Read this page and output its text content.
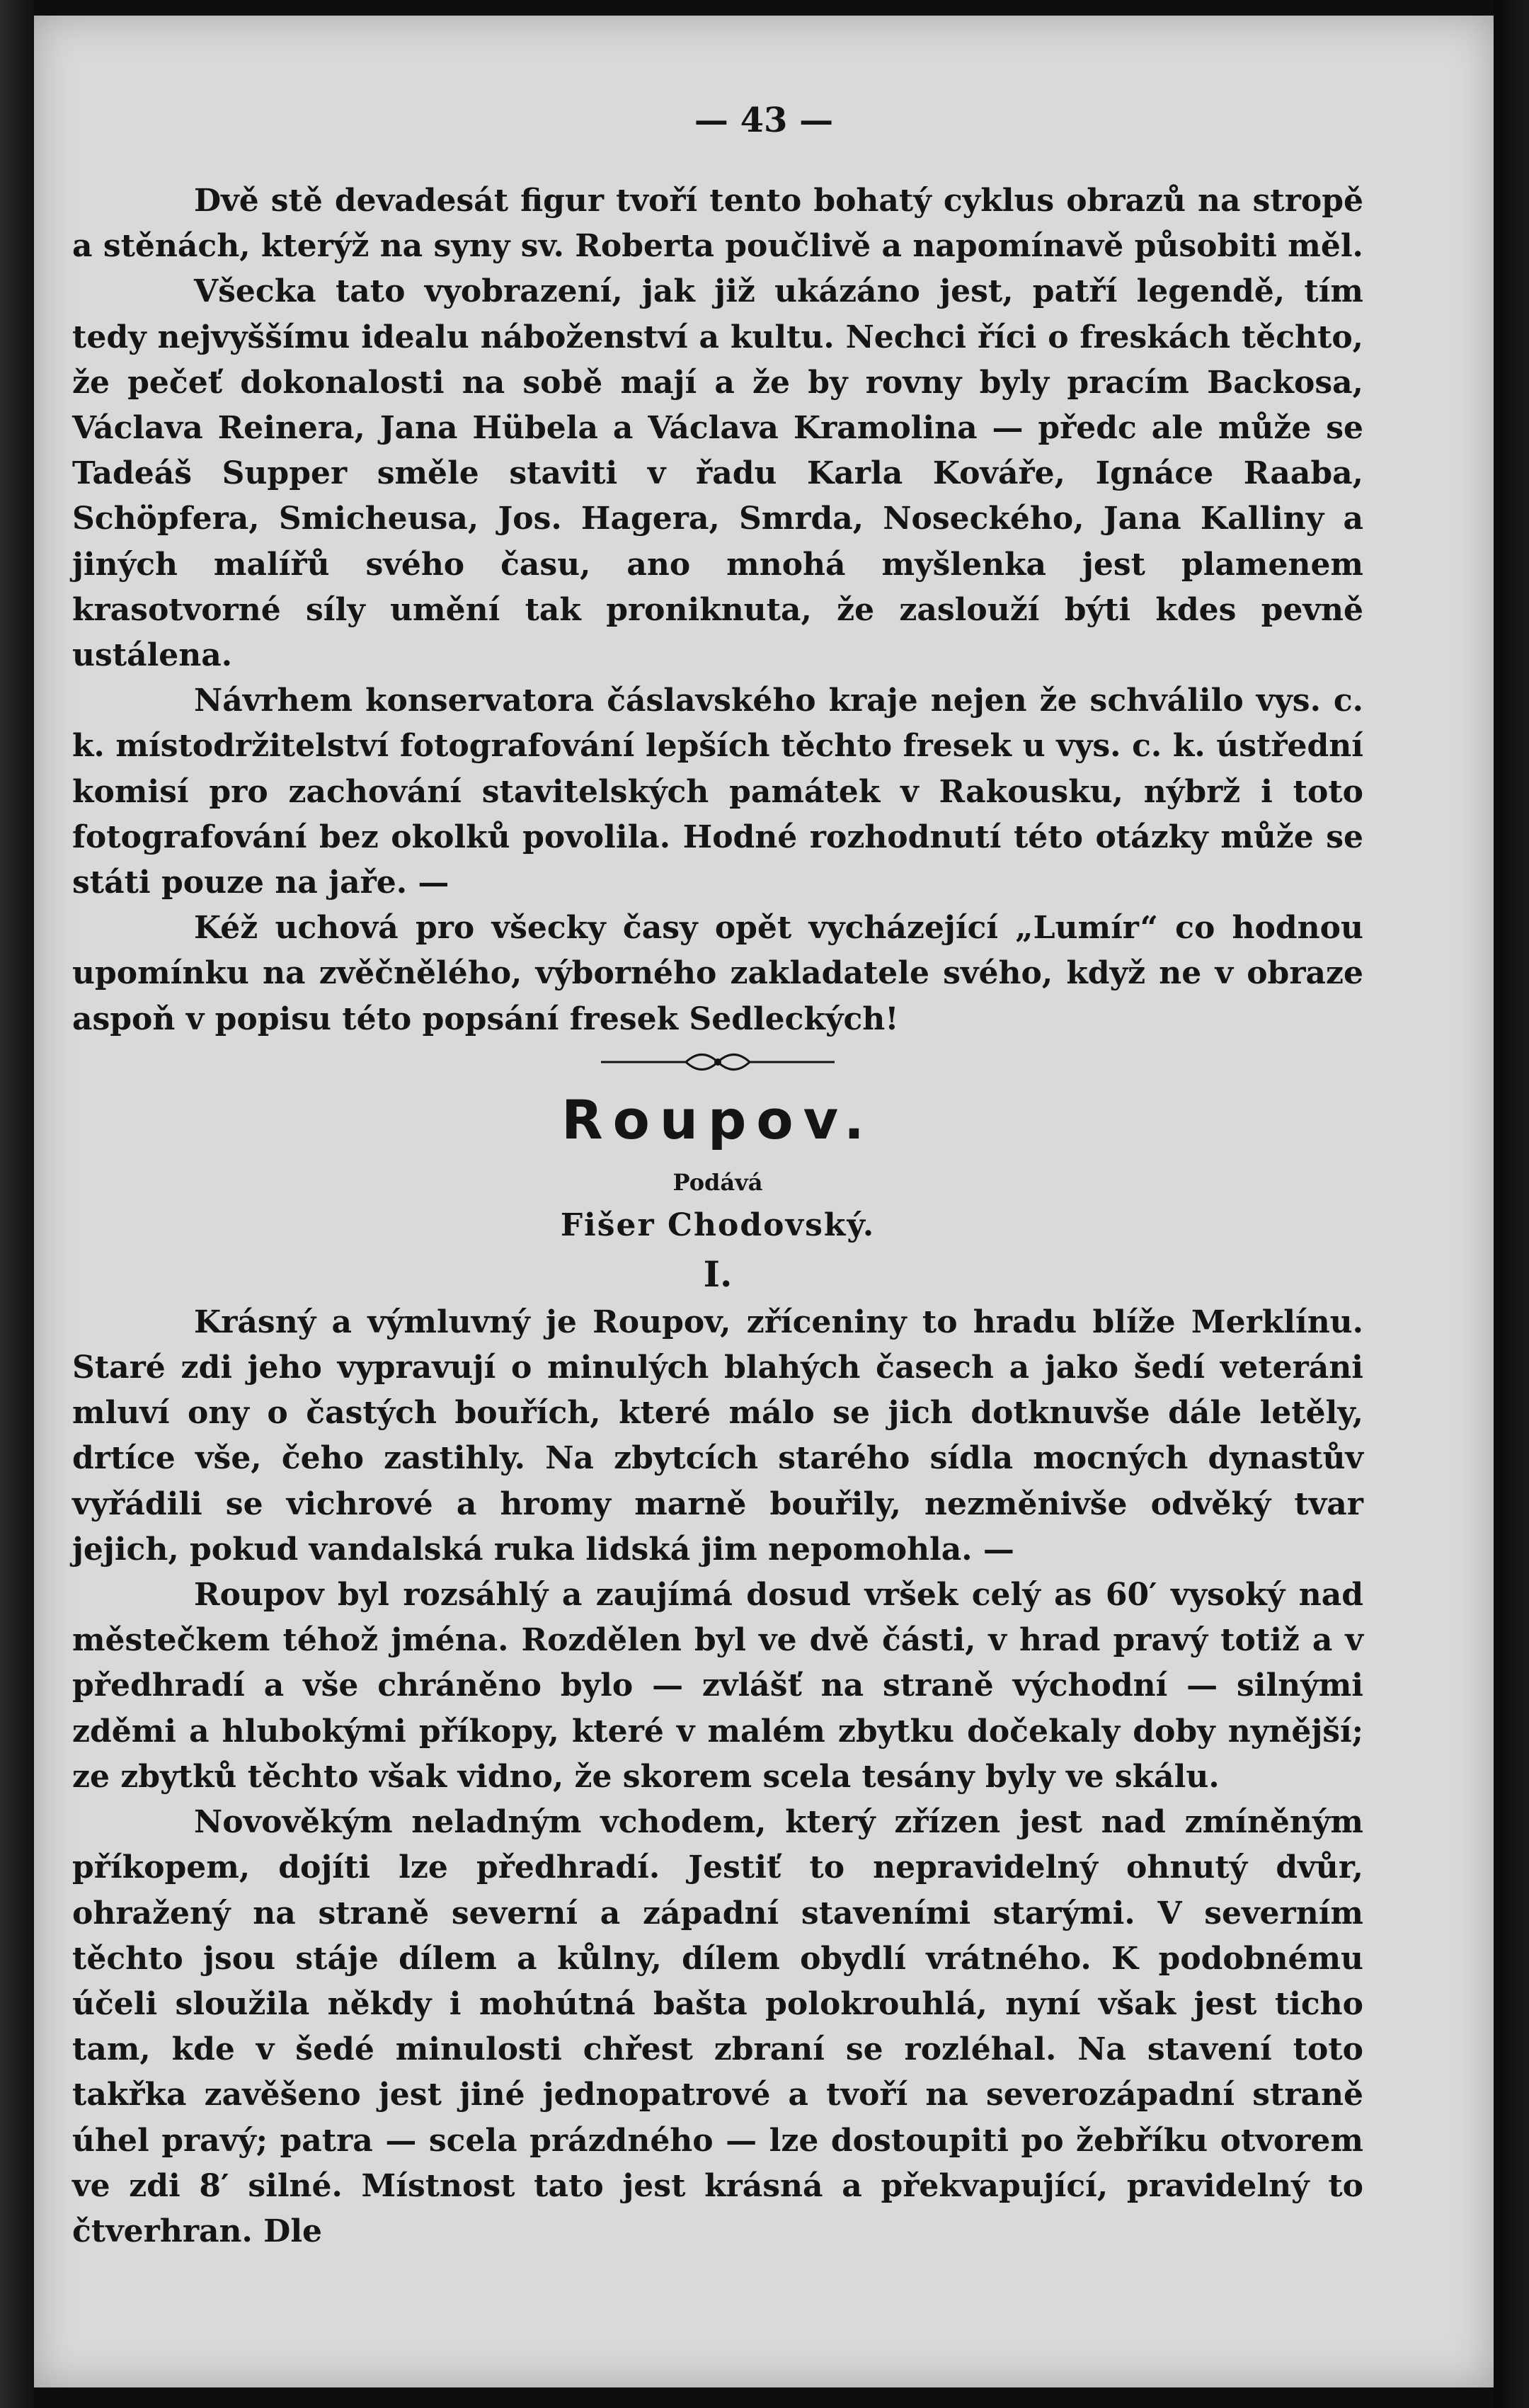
— 43 —

Dvě stě devadesát figur tvoří tento bohatý cyklus obrazů na stropě a stěnách, kterýž na syny sv. Roberta poučlivě a napomínavě působiti měl.

Všecka tato vyobrazení, jak již ukázáno jest, patří legendě, tím tedy nejvyššímu idealu náboženství a kultu. Nechci říci o freskách těchto, že pečeť dokonalosti na sobě mají a že by rovny byly pracím Backosa, Václava Reinera, Jana Hübela a Václava Kramolina — předc ale může se Tadeáš Supper směle staviti v řadu Karla Kováře, Ignáce Raaba, Schöpfera, Smicheusa, Jos. Hagera, Smrda, Noseckého, Jana Kalliny a jiných malířů svého času, ano mnohá myšlenka jest plamenem krasotvorné síly umění tak proniknuta, že zaslouží býti kdes pevně ustálena.

Návrhem konservatora čáslavského kraje nejen že schválilo vys. c. k. místodržitelství fotografování lepších těchto fresek u vys. c. k. ústřední komisí pro zachování stavitelských památek v Rakousku, nýbrž i toto fotografování bez okolků povolila. Hodné rozhodnutí této otázky může se státi pouze na jaře. —

Kéž uchová pro všecky časy opět vycházející „Lumír“ co hodnou upomínku na zvěčnělého, výborného zakladatele svého, když ne v obraze aspoň v popisu této popsání fresek Sedleckých!

Roupov.

Podává

Fišer Chodovský.

I.

Krásný a výmluvný je Roupov, zříceniny to hradu blíže Merklínu. Staré zdi jeho vypravují o minulých blahých časech a jako šedí veteráni mluví ony o častých bouřích, které málo se jich dotknuvše dále letěly, drtíce vše, čeho zastihly. Na zbytcích starého sídla mocných dynastův vyřádili se vichrové a hromy marně bouřily, nezměnivše odvěký tvar jejich, pokud vandalská ruka lidská jim nepomohla. —

Roupov byl rozsáhlý a zaujímá dosud vršek celý as 60′ vysoký nad městečkem téhož jména. Rozdělen byl ve dvě části, v hrad pravý totiž a v předhradí a vše chráněno bylo — zvlášť na straně východní — silnými zděmi a hlubokými příkopy, které v malém zbytku dočekaly doby nynější; ze zbytků těchto však vidno, že skorem scela tesány byly ve skálu.

Novověkým neladným vchodem, který zřízen jest nad zmíněným příkopem, dojíti lze předhradí. Jestiť to nepravidelný ohnutý dvůr, ohražený na straně severní a západní staveními starými. V severním těchto jsou stáje dílem a kůlny, dílem obydlí vrátného. K podobnému účeli sloužila někdy i mohútná bašta polokrouhlá, nyní však jest ticho tam, kde v šedé minulosti chřest zbraní se rozléhal. Na stavení toto takřka zavěšeno jest jiné jednopatrové a tvoří na severozápadní straně úhel pravý; patra — scela prázdného — lze dostoupiti po žebříku otvorem ve zdi 8′ silné. Místnost tato jest krásná a překvapující, pravidelný to čtverhran. Dle
